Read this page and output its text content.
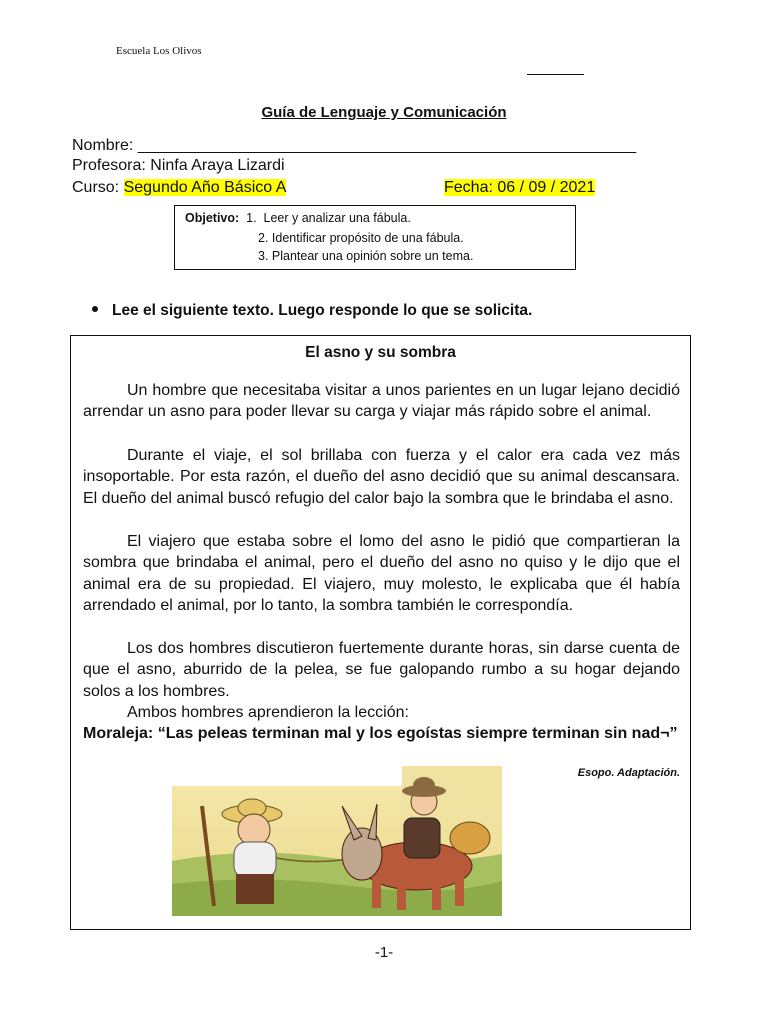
Escuela Los Olivos
Guía de Lenguaje y Comunicación
Nombre: ________________________________________________________
Profesora: Ninfa Araya Lizardi
Curso: Segundo Año Básico A	Fecha: 06 / 09 / 2021
Objetivo: 1.  Leer y analizar una fábula.
2. Identificar propósito de una fábula.
3. Plantear una opinión sobre un tema.
Lee el siguiente texto. Luego responde lo que se solicita.
El asno y su sombra
Un hombre que necesitaba visitar a unos parientes en un lugar lejano decidió arrendar un asno para poder llevar su carga y viajar más rápido sobre el animal.
Durante el viaje, el sol brillaba con fuerza y el calor era cada vez más insoportable. Por esta razón, el dueño del asno decidió que su animal descansara. El dueño del animal buscó refugio del calor bajo la sombra que le brindaba el asno.
El viajero que estaba sobre el lomo del asno le pidió que compartieran la sombra que brindaba el animal, pero el dueño del asno no quiso y le dijo que el animal era de su propiedad. El viajero, muy molesto, le explicaba que él había arrendado el animal, por lo tanto, la sombra también le correspondía.
Los dos hombres discutieron fuertemente durante horas, sin darse cuenta de que el asno, aburrido de la pelea, se fue galopando rumbo a su hogar dejando solos a los hombres.
Ambos hombres aprendieron la lección:
Moraleja: “Las peleas terminan mal y los egoístas siempre terminan sin nad¬”
Esopo. Adaptación.
-1-
